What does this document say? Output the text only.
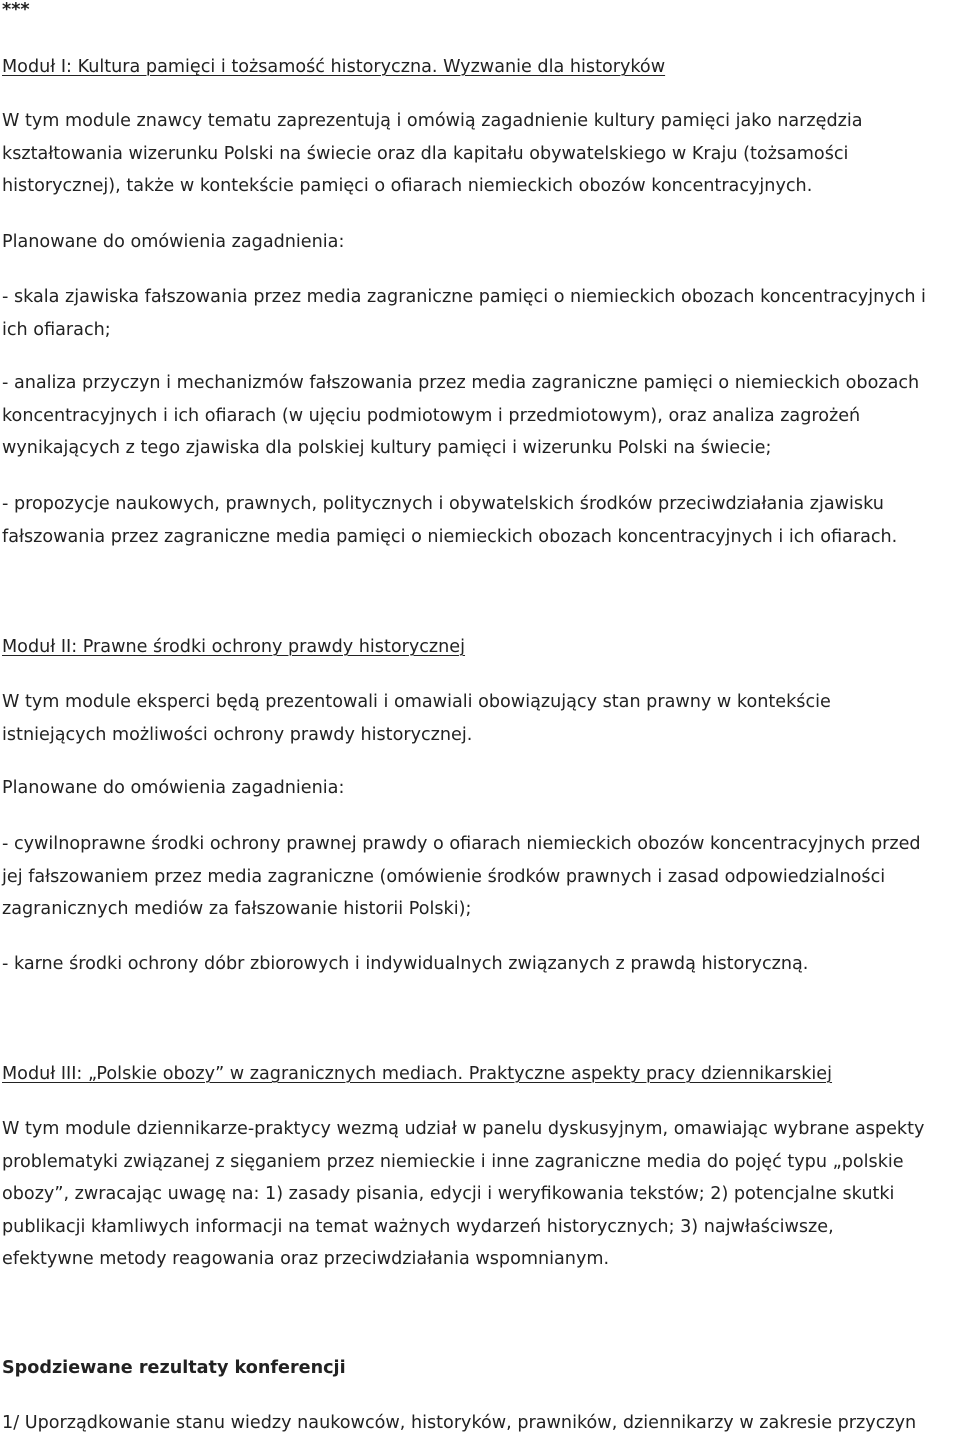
***

Moduł I: Kultura pamięci i tożsamość historyczna. Wyzwanie dla historyków

W tym module znawcy tematu zaprezentują i omówią zagadnienie kultury pamięci jako narzędzia
kształtowania wizerunku Polski na świecie oraz dla kapitału obywatelskiego w Kraju (tożsamości
historycznej), także w kontekście pamięci o ofiarach niemieckich obozów koncentracyjnych.

Planowane do omówienia zagadnienia:

- skala zjawiska fałszowania przez media zagraniczne pamięci o niemieckich obozach koncentracyjnych i
ich ofiarach;

- analiza przyczyn i mechanizmów fałszowania przez media zagraniczne pamięci o niemieckich obozach
koncentracyjnych i ich ofiarach (w ujęciu podmiotowym i przedmiotowym), oraz analiza zagrożeń
wynikających z tego zjawiska dla polskiej kultury pamięci i wizerunku Polski na świecie;

- propozycje naukowych, prawnych, politycznych i obywatelskich środków przeciwdziałania zjawisku
fałszowania przez zagraniczne media pamięci o niemieckich obozach koncentracyjnych i ich ofiarach.

Moduł II: Prawne środki ochrony prawdy historycznej

W tym module eksperci będą prezentowali i omawiali obowiązujący stan prawny w kontekście
istniejących możliwości ochrony prawdy historycznej.

Planowane do omówienia zagadnienia:

- cywilnoprawne środki ochrony prawnej prawdy o ofiarach niemieckich obozów koncentracyjnych przed
jej fałszowaniem przez media zagraniczne (omówienie środków prawnych i zasad odpowiedzialności
zagranicznych mediów za fałszowanie historii Polski);

- karne środki ochrony dóbr zbiorowych i indywidualnych związanych z prawdą historyczną.

Moduł III: „Polskie obozy” w zagranicznych mediach. Praktyczne aspekty pracy dziennikarskiej

W tym module dziennikarze-praktycy wezmą udział w panelu dyskusyjnym, omawiając wybrane aspekty
problematyki związanej z sięganiem przez niemieckie i inne zagraniczne media do pojęć typu „polskie
obozy”, zwracając uwagę na: 1) zasady pisania, edycji i weryfikowania tekstów; 2) potencjalne skutki
publikacji kłamliwych informacji na temat ważnych wydarzeń historycznych; 3) najwłaściwsze,
efektywne metody reagowania oraz przeciwdziałania wspomnianym.

Spodziewane rezultaty konferencji

1/ Uporządkowanie stanu wiedzy naukowców, historyków, prawników, dziennikarzy w zakresie przyczyn
